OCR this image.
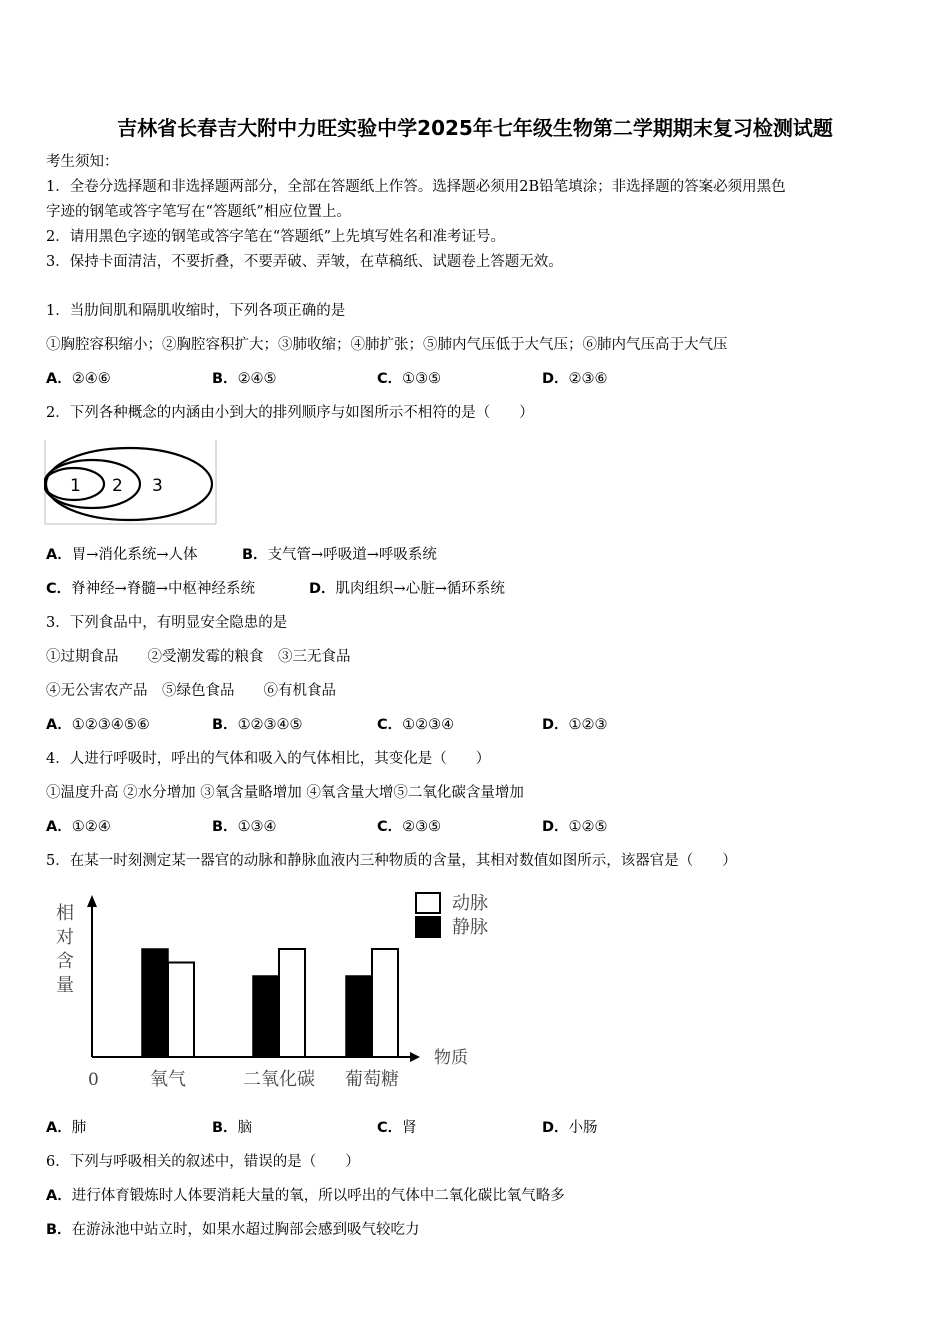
吉林省长春吉大附中力旺实验中学2025年七年级生物第二学期期末复习检测试题
考生须知：
1．全卷分选择题和非选择题两部分，全部在答题纸上作答。选择题必须用2B铅笔填涂；非选择题的答案必须用黑色
字迹的钢笔或答字笔写在“答题纸”相应位置上。
2．请用黑色字迹的钢笔或答字笔在“答题纸”上先填写姓名和准考证号。
3．保持卡面清洁，不要折叠，不要弄破、弄皱，在草稿纸、试题卷上答题无效。
1．当肋间肌和隔肌收缩时，下列各项正确的是
①胸腔容积缩小；②胸腔容积扩大；③肺收缩；④肺扩张；⑤肺内气压低于大气压；⑥肺内气压高于大气压
A．②④⑥	B．②④⑤	C．①③⑤	D．②③⑥
2．下列各种概念的内涵由小到大的排列顺序与如图所示不相符的是（　　）
1 2 3
A．胃→消化系统→人体	B．支气管→呼吸道→呼吸系统
C．脊神经→脊髓→中枢神经系统	D．肌肉组织→心脏→循环系统
3．下列食品中，有明显安全隐患的是
①过期食品　　②受潮发霉的粮食　③三无食品
④无公害农产品　⑤绿色食品　　⑥有机食品
A．①②③④⑤⑥	B．①②③④⑤	C．①②③④	D．①②③
4．人进行呼吸时，呼出的气体和吸入的气体相比，其变化是（　　）
①温度升高 ②水分增加 ③氧含量略增加 ④氧含量大增⑤二氧化碳含量增加
A．①②④	B．①③④	C．②③⑤	D．①②⑤
5．在某一时刻测定某一器官的动脉和静脉血液内三种物质的含量，其相对数值如图所示，该器官是（　　）
相
对
含
量
物质
0	氧气	二氧化碳 葡萄糖
动脉
静脉
A．肺	B．脑	C．肾	D．小肠
6．下列与呼吸相关的叙述中，错误的是（　　）
A．进行体育锻炼时人体要消耗大量的氧，所以呼出的气体中二氧化碳比氧气略多
B．在游泳池中站立时，如果水超过胸部会感到吸气较吃力
